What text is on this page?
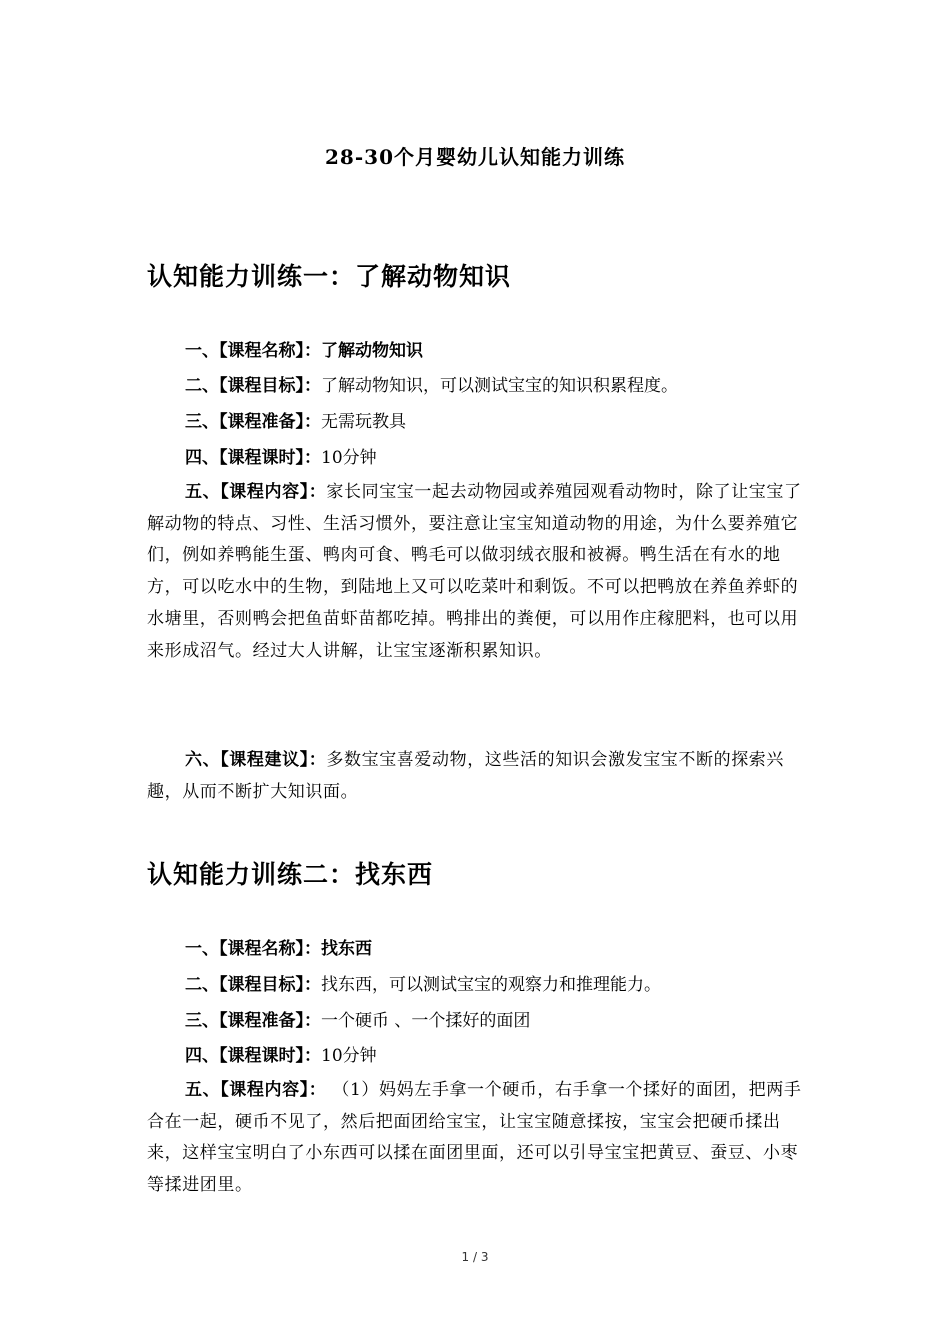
28-30个月婴幼儿认知能力训练
认知能力训练一：了解动物知识
一、【课程名称】：了解动物知识
二、【课程目标】：了解动物知识，可以测试宝宝的知识积累程度。
三、【课程准备】：无需玩教具
四、【课程课时】：10分钟

五、【课程内容】：家长同宝宝一起去动物园或养殖园观看动物时，除了让宝宝了解动物的特点、习性、生活习惯外，要注意让宝宝知道动物的用途，为什么要养殖它们，例如养鸭能生蛋、鸭肉可食、鸭毛可以做羽绒衣服和被褥。鸭生活在有水的地方，可以吃水中的生物，到陆地上又可以吃菜叶和剩饭。不可以把鸭放在养鱼养虾的水塘里，否则鸭会把鱼苗虾苗都吃掉。鸭排出的粪便，可以用作庄稼肥料，也可以用来形成沼气。经过大人讲解，让宝宝逐渐积累知识。

六、【课程建议】：多数宝宝喜爱动物，这些活的知识会激发宝宝不断的探索兴趣，从而不断扩大知识面。

认知能力训练二：找东西
一、【课程名称】：找东西
二、【课程目标】：找东西，可以测试宝宝的观察力和推理能力。
三、【课程准备】：一个硬币 、一个揉好的面团
四、【课程课时】：10分钟

五、【课程内容】： （1）妈妈左手拿一个硬币，右手拿一个揉好的面团，把两手合在一起，硬币不见了，然后把面团给宝宝，让宝宝随意揉按，宝宝会把硬币揉出来，这样宝宝明白了小东西可以揉在面团里面，还可以引导宝宝把黄豆、蚕豆、小枣等揉进团里。

1 / 3
